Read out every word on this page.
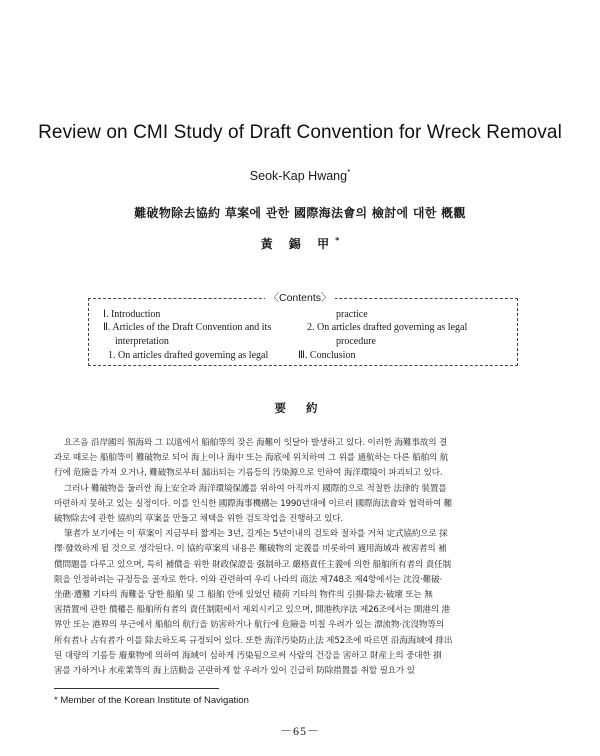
Review on CMI Study of Draft Convention for Wreck Removal
Seok-Kap Hwang*
難破物除去協約 草案에 관한 國際海法會의 檢討에 대한 槪觀
黃 錫 甲*
〈Contents〉
Ⅰ. Introduction
Ⅱ. Articles of the Draft Convention and its
interpretation
1. On articles drafted governing as legal
practice
2. On articles drafted governing as legal
procedure
Ⅲ. Conclusion
要 約
요즈음 沿岸國의 領海와 그 以遠에서 船舶等의 잦은 海難이 잇달아 발생하고 있다. 이러한 海難事故의 결
과로 때로는 船舶等이 難破物로 되어 海上이나 海中 또는 海底에 위치하여 그 위를 通航하는 다른 船舶의 航
行에 危險을 가져 오거나, 難破物로부터 漏出되는 기름등의 汚染源으로 인하여 海洋環境이 파괴되고 있다.
그러나 難破物을 둘러싼 海上安全과 海洋環境保護를 위하여 아직까지 國際的으로 적절한 法律的 裝置를
마련하지 못하고 있는 실정이다. 이를 인식한 國際海事機構는 1990년대에 이르러 國際海法會와 협력하여 難
破物除去에 관한 協約의 草案을 만들고 채택을 위한 검토작업을 진행하고 있다.
筆者가 보기에는 이 草案이 지금부터 짧게는 3년, 길게는 5년이내의 검토와 절차를 거쳐 定式協約으로 採
擇·發效하게 될 것으로 생각된다. 이 協約草案의 내용은 難破物의 定義를 비롯하여 適用海域과 被害者의 補
償問題를 다루고 있으며, 특히 補償을 위한 財政保證을 强制하고 嚴格責任主義에 의한 船舶所有者의 責任制
限을 인정하려는 규정등을 골자로 한다. 이와 관련하여 우리 나라의 商法 제748조 제4항에서는 沈沒·難破·
坐礁·遭難 기타의 海難을 당한 船舶 및 그 船舶 안에 있었던 積荷 기타의 物件의 引揚·除去·破壞 또는 無
害措置에 관한 償權은 船舶所有者의 責任制限에서 제외시키고 있으며, 開港秩序法 제26조에서는 開港의 港
界안 또는 港界의 부근에서 船舶의 航行을 妨害하거나 航行에 危險을 미칠 우려가 있는 漂流物·沈沒物等의
所有者나 占有者가 이를 除去하도록 규정되어 있다. 또한 海洋汚染防止法 제52조에 따르면 沿海海域에 排出
* Member of the Korean Institute of Navigation
－65－
된 대량의 기름등 廢棄物에 의하여 海域이 심하게 汚染됨으로써 사람의 건강을 害하고 財産上의 중대한 損
害를 가하거나 水産業等의 海上活動을 곤란하게 할 우려가 있어 긴급히 防除措置를 취할 필요가 있
